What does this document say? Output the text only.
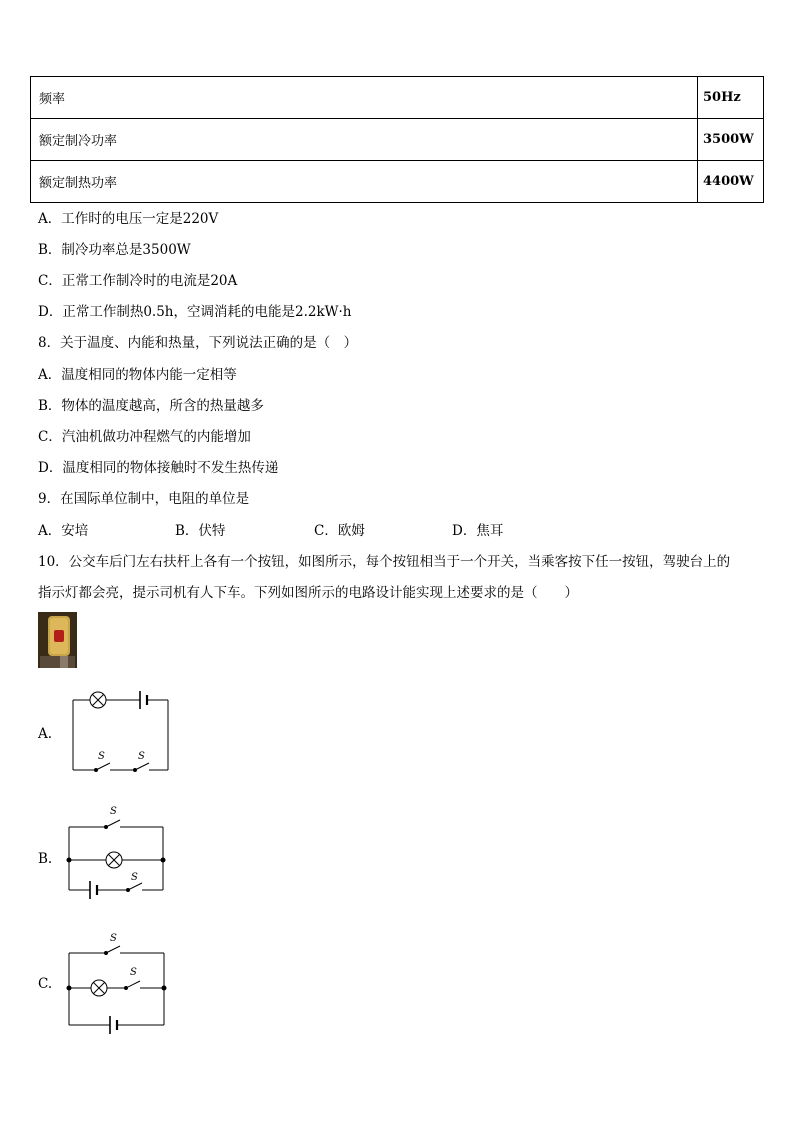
频率	50Hz
额定制冷功率	3500W
额定制热功率	4400W
A．工作时的电压一定是220V
B．制冷功率总是3500W
C．正常工作制冷时的电流是20A
D．正常工作制热0.5h，空调消耗的电能是2.2kW·h
8．关于温度、内能和热量，下列说法正确的是（　）
A．温度相同的物体内能一定相等
B．物体的温度越高，所含的热量越多
C．汽油机做功冲程燃气的内能增加
D．温度相同的物体接触时不发生热传递
9．在国际单位制中，电阻的单位是
A．安培	B．伏特	C．欧姆	D．焦耳
10．公交车后门左右扶杆上各有一个按钮，如图所示，每个按钮相当于一个开关，当乘客按下任一按钮，驾驶台上的
指示灯都会亮，提示司机有人下车。下列如图所示的电路设计能实现上述要求的是（　　）
A.
S	S
B.
S
S
C.
S
S
